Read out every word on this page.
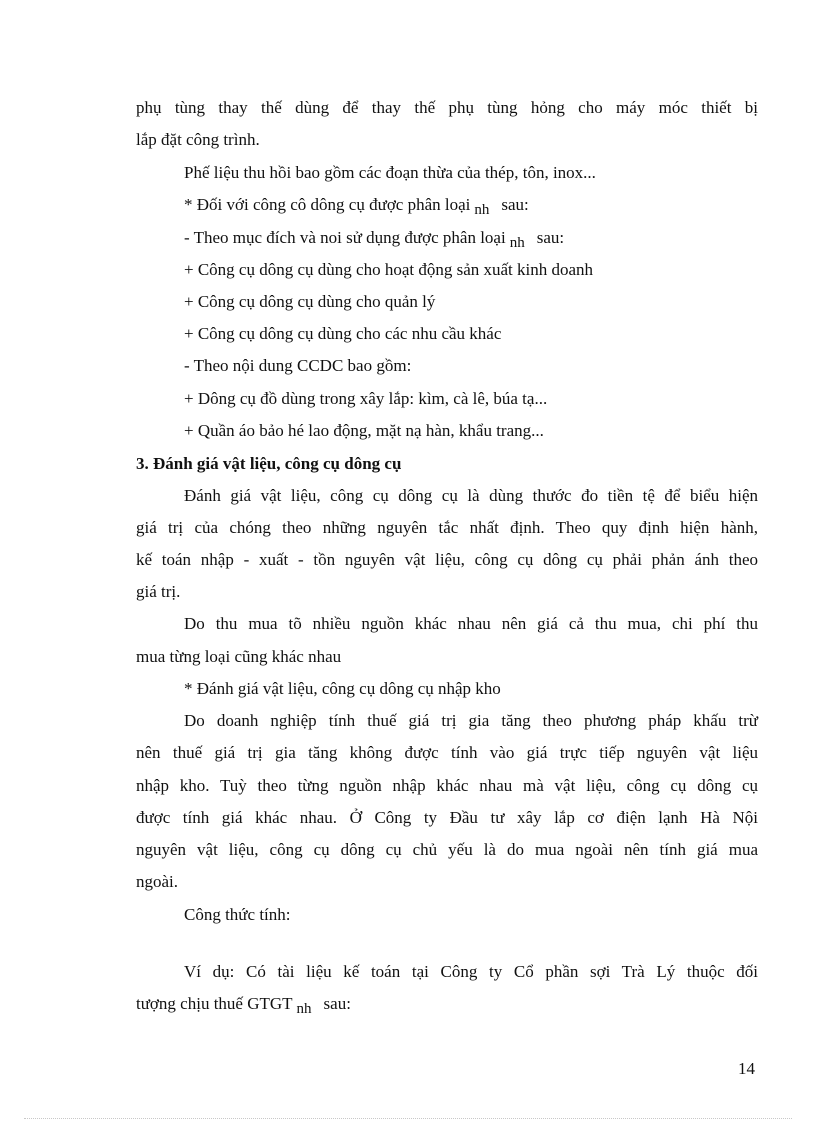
phụ tùng thay thế dùng để thay thế phụ tùng hỏng cho máy móc thiết bị
lắp đặt công trình.
Phế liệu thu hồi bao gồm các đoạn thừa của thép, tôn, inox...
* Đối với công cô dông cụ được phân loại nh sau:
- Theo mục đích và noi sử dụng được phân loại nh sau:
+ Công cụ dông cụ dùng cho hoạt động sản xuất kinh doanh
+ Công cụ dông cụ dùng cho quản lý
+ Công cụ dông cụ dùng cho các nhu cầu khác
- Theo nội dung CCDC bao gồm:
+ Dông cụ đồ dùng trong xây lắp: kìm, cà lê, búa tạ...
+ Quần áo bảo hé lao động, mặt nạ hàn, khẩu trang...
3. Đánh giá vật liệu, công cụ dông cụ
Đánh giá vật liệu, công cụ dông cụ là dùng thước đo tiền tệ để biểu hiện
giá trị của chóng theo những nguyên tắc nhất định. Theo quy định hiện hành,
kế toán nhập - xuất - tồn nguyên vật liệu, công cụ dông cụ phải phản ánh theo
giá trị.
Do thu mua tõ nhiều nguồn khác nhau nên giá cả thu mua, chi phí thu
mua từng loại cũng khác nhau
* Đánh giá vật liệu, công cụ dông cụ nhập kho
Do doanh nghiệp tính thuế giá trị gia tăng theo phương pháp khấu trừ
nên thuế giá trị gia tăng không được tính vào giá trực tiếp nguyên vật liệu
nhập kho. Tuỳ theo từng nguồn nhập khác nhau mà vật liệu, công cụ dông cụ
được tính giá khác nhau. Ở Công ty Đầu tư xây lắp cơ điện lạnh Hà Nội
nguyên vật liệu, công cụ dông cụ chủ yếu là do mua ngoài nên tính giá mua
ngoài.
Công thức tính:
Ví dụ: Có tài liệu kế toán tại Công ty Cổ phần sợi Trà Lý thuộc đối
tượng chịu thuế GTGT nh sau:
14
